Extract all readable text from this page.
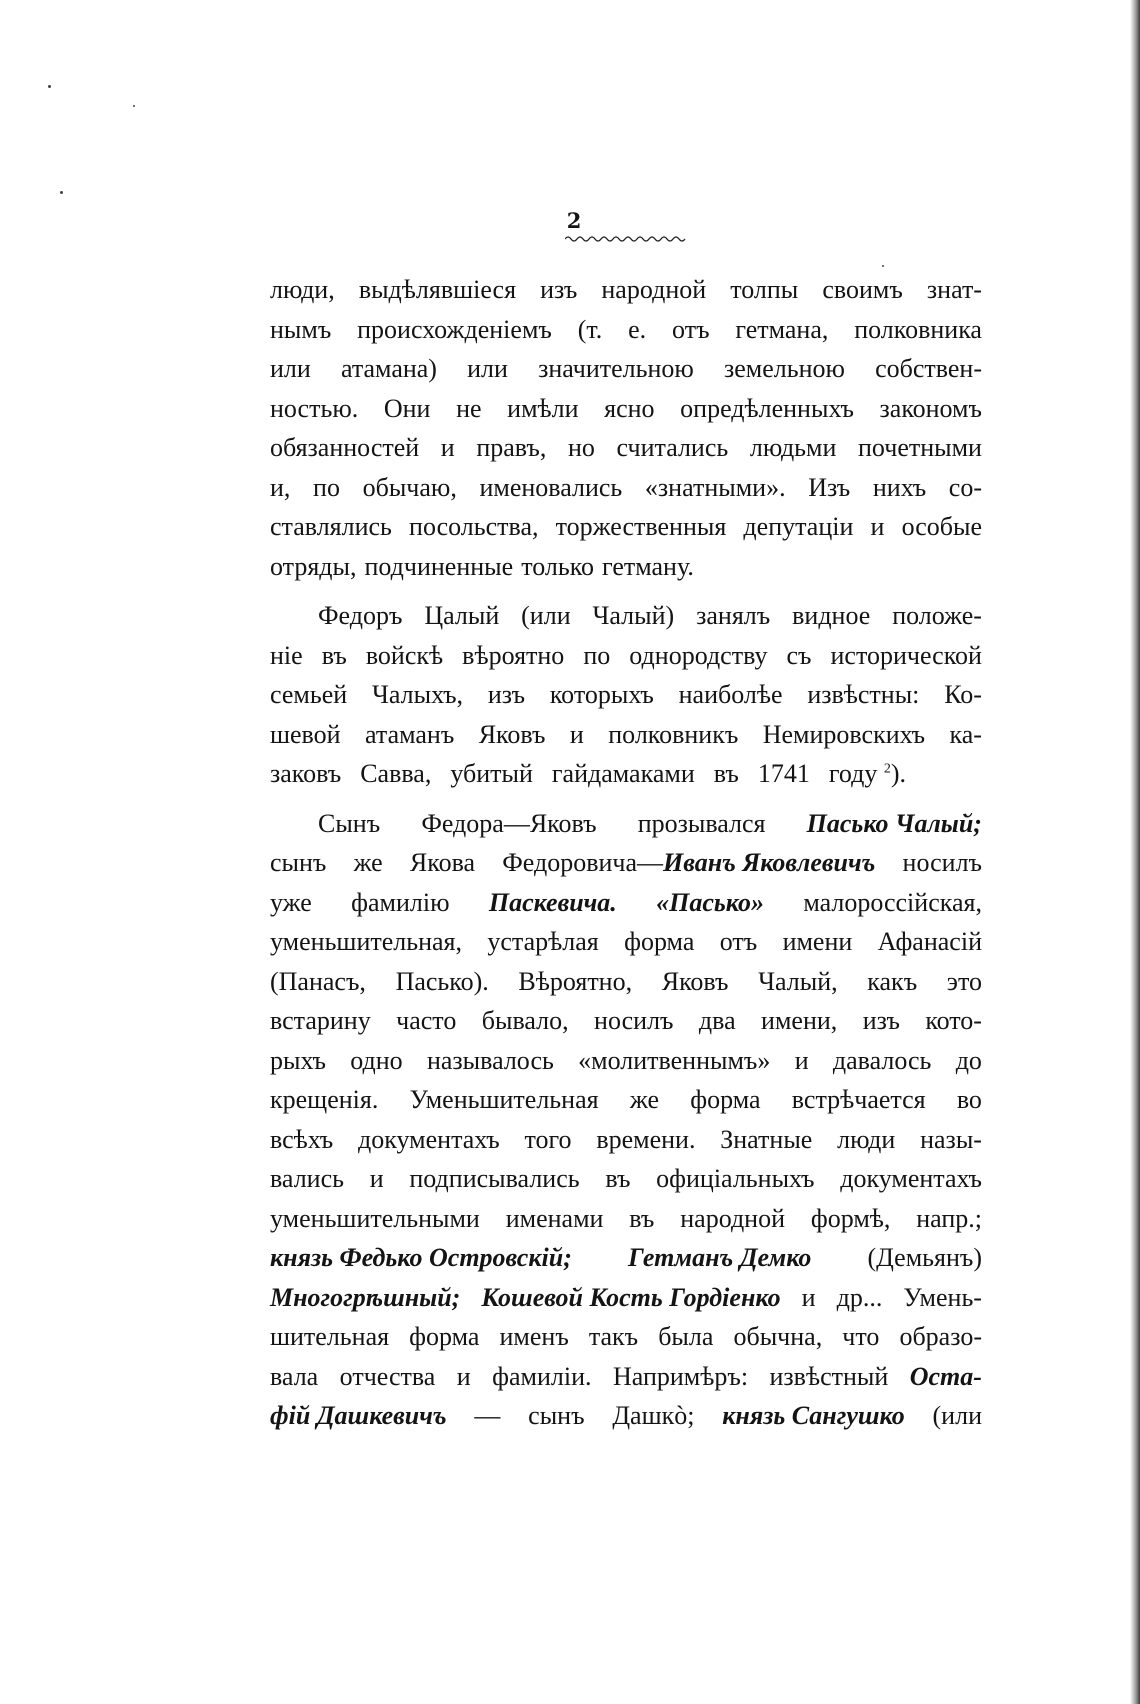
2
люди, выдѣлявшіеся изъ народной толпы своимъ знат-
нымъ происхожденіемъ (т. е. отъ гетмана, полковника
или атамана) или значительною земельною собствен-
ностью. Они не имѣли ясно опредѣленныхъ закономъ
обязанностей и правъ, но считались людьми почетными
и, по обычаю, именовались «знатными». Изъ нихъ со-
ставлялись посольства, торжественныя депутаціи и особые
отряды, подчиненные только гетману.
Федоръ Цалый (или Чалый) занялъ видное положе-
ніе въ войскѣ вѣроятно по однородству съ исторической
семьей Чалыхъ, изъ которыхъ наиболѣе извѣстны: Ко-
шевой атаманъ Яковъ и полковникъ Немировскихъ ка-
заковъ Савва, убитый гайдамаками въ 1741 году $^2$).
Сынъ Федора—Яковъ прозывался Пасько Чалый;
сынъ же Якова Федоровича—Иванъ Яковлевичъ носилъ
уже фамилію Паскевича. «Пасько» малороссійская,
уменьшительная, устарѣлая форма отъ имени Афанасій
(Панасъ, Пасько). Вѣроятно, Яковъ Чалый, какъ это
встарину часто бывало, носилъ два имени, изъ кото-
рыхъ одно называлось «молитвеннымъ» и давалось до
крещенія. Уменьшительная же форма встрѣчается во
всѣхъ документахъ того времени. Знатные люди назы-
вались и подписывались въ офиціальныхъ документахъ
уменьшительными именами въ народной формѣ, напр.;
князь Федько Островскій; Гетманъ Демко (Демьянъ)
Многогрѣшный; Кошевой Кость Гордіенко и др... Умень-
шительная форма именъ такъ была обычна, что образо-
вала отчества и фамиліи. Напримѣръ: извѣстный Оста-
фій Дашкевичъ — сынъ Дашкò; князь Сангушко (или
